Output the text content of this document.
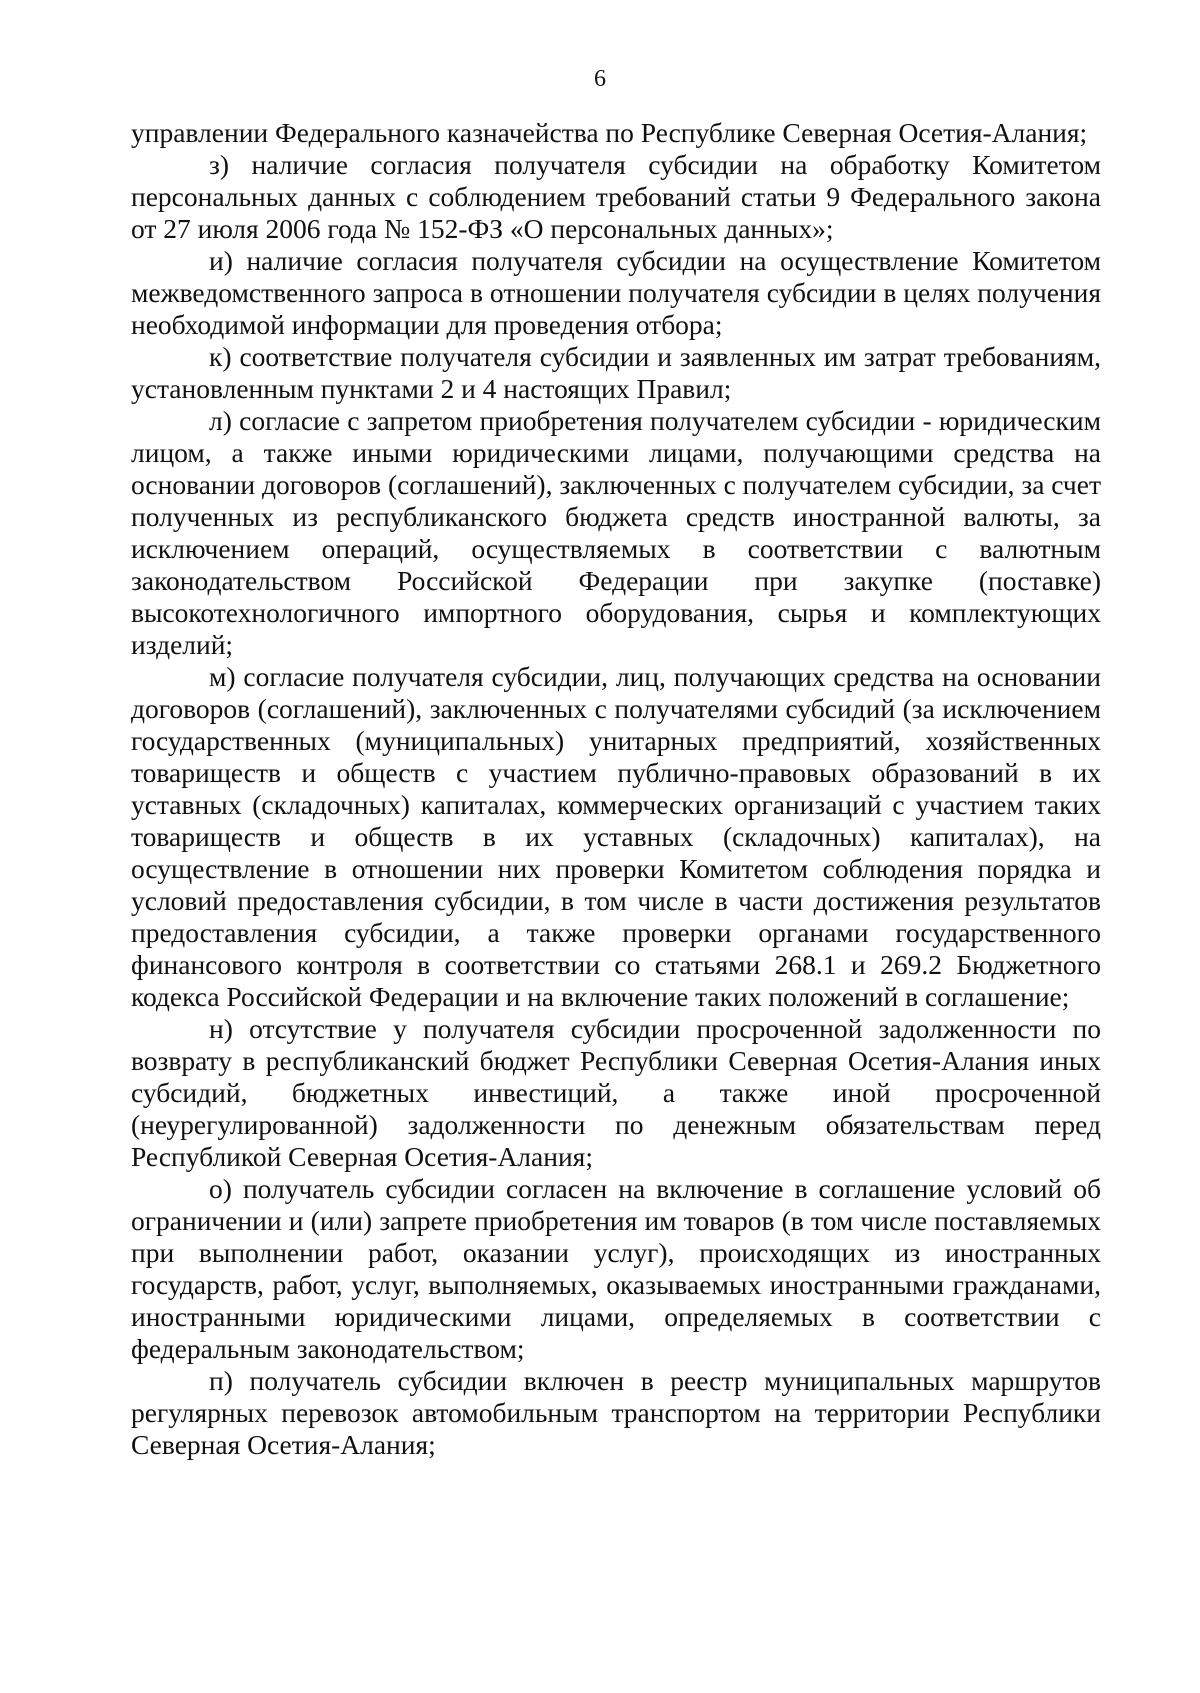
6

управлении Федерального казначейства по Республике Северная Осетия-Алания;

з) наличие согласия получателя субсидии на обработку Комитетом персональных данных с соблюдением требований статьи 9 Федерального закона от 27 июля 2006 года № 152-ФЗ «О персональных данных»;

и) наличие согласия получателя субсидии на осуществление Комитетом межведомственного запроса в отношении получателя субсидии в целях получения необходимой информации для проведения отбора;

к) соответствие получателя субсидии и заявленных им затрат требованиям, установленным пунктами 2 и 4 настоящих Правил;

л) согласие с запретом приобретения получателем субсидии - юридическим лицом, а также иными юридическими лицами, получающими средства на основании договоров (соглашений), заключенных с получателем субсидии, за счет полученных из республиканского бюджета средств иностранной валюты, за исключением операций, осуществляемых в соответствии с валютным законодательством Российской Федерации при закупке (поставке) высокотехнологичного импортного оборудования, сырья и комплектующих изделий;

м) согласие получателя субсидии, лиц, получающих средства на основании договоров (соглашений), заключенных с получателями субсидий (за исключением государственных (муниципальных) унитарных предприятий, хозяйственных товариществ и обществ с участием публично-правовых образований в их уставных (складочных) капиталах, коммерческих организаций с участием таких товариществ и обществ в их уставных (складочных) капиталах), на осуществление в отношении них проверки Комитетом соблюдения порядка и условий предоставления субсидии, в том числе в части достижения результатов предоставления субсидии, а также проверки органами государственного финансового контроля в соответствии со статьями 268.1 и 269.2 Бюджетного кодекса Российской Федерации и на включение таких положений в соглашение;

н) отсутствие у получателя субсидии просроченной задолженности по возврату в республиканский бюджет Республики Северная Осетия-Алания иных субсидий, бюджетных инвестиций, а также иной просроченной (неурегулированной) задолженности по денежным обязательствам перед Республикой Северная Осетия-Алания;

о) получатель субсидии согласен на включение в соглашение условий об ограничении и (или) запрете приобретения им товаров (в том числе поставляемых при выполнении работ, оказании услуг), происходящих из иностранных государств, работ, услуг, выполняемых, оказываемых иностранными гражданами, иностранными юридическими лицами, определяемых в соответствии с федеральным законодательством;

п) получатель субсидии включен в реестр муниципальных маршрутов регулярных перевозок автомобильным транспортом на территории Республики Северная Осетия-Алания;
